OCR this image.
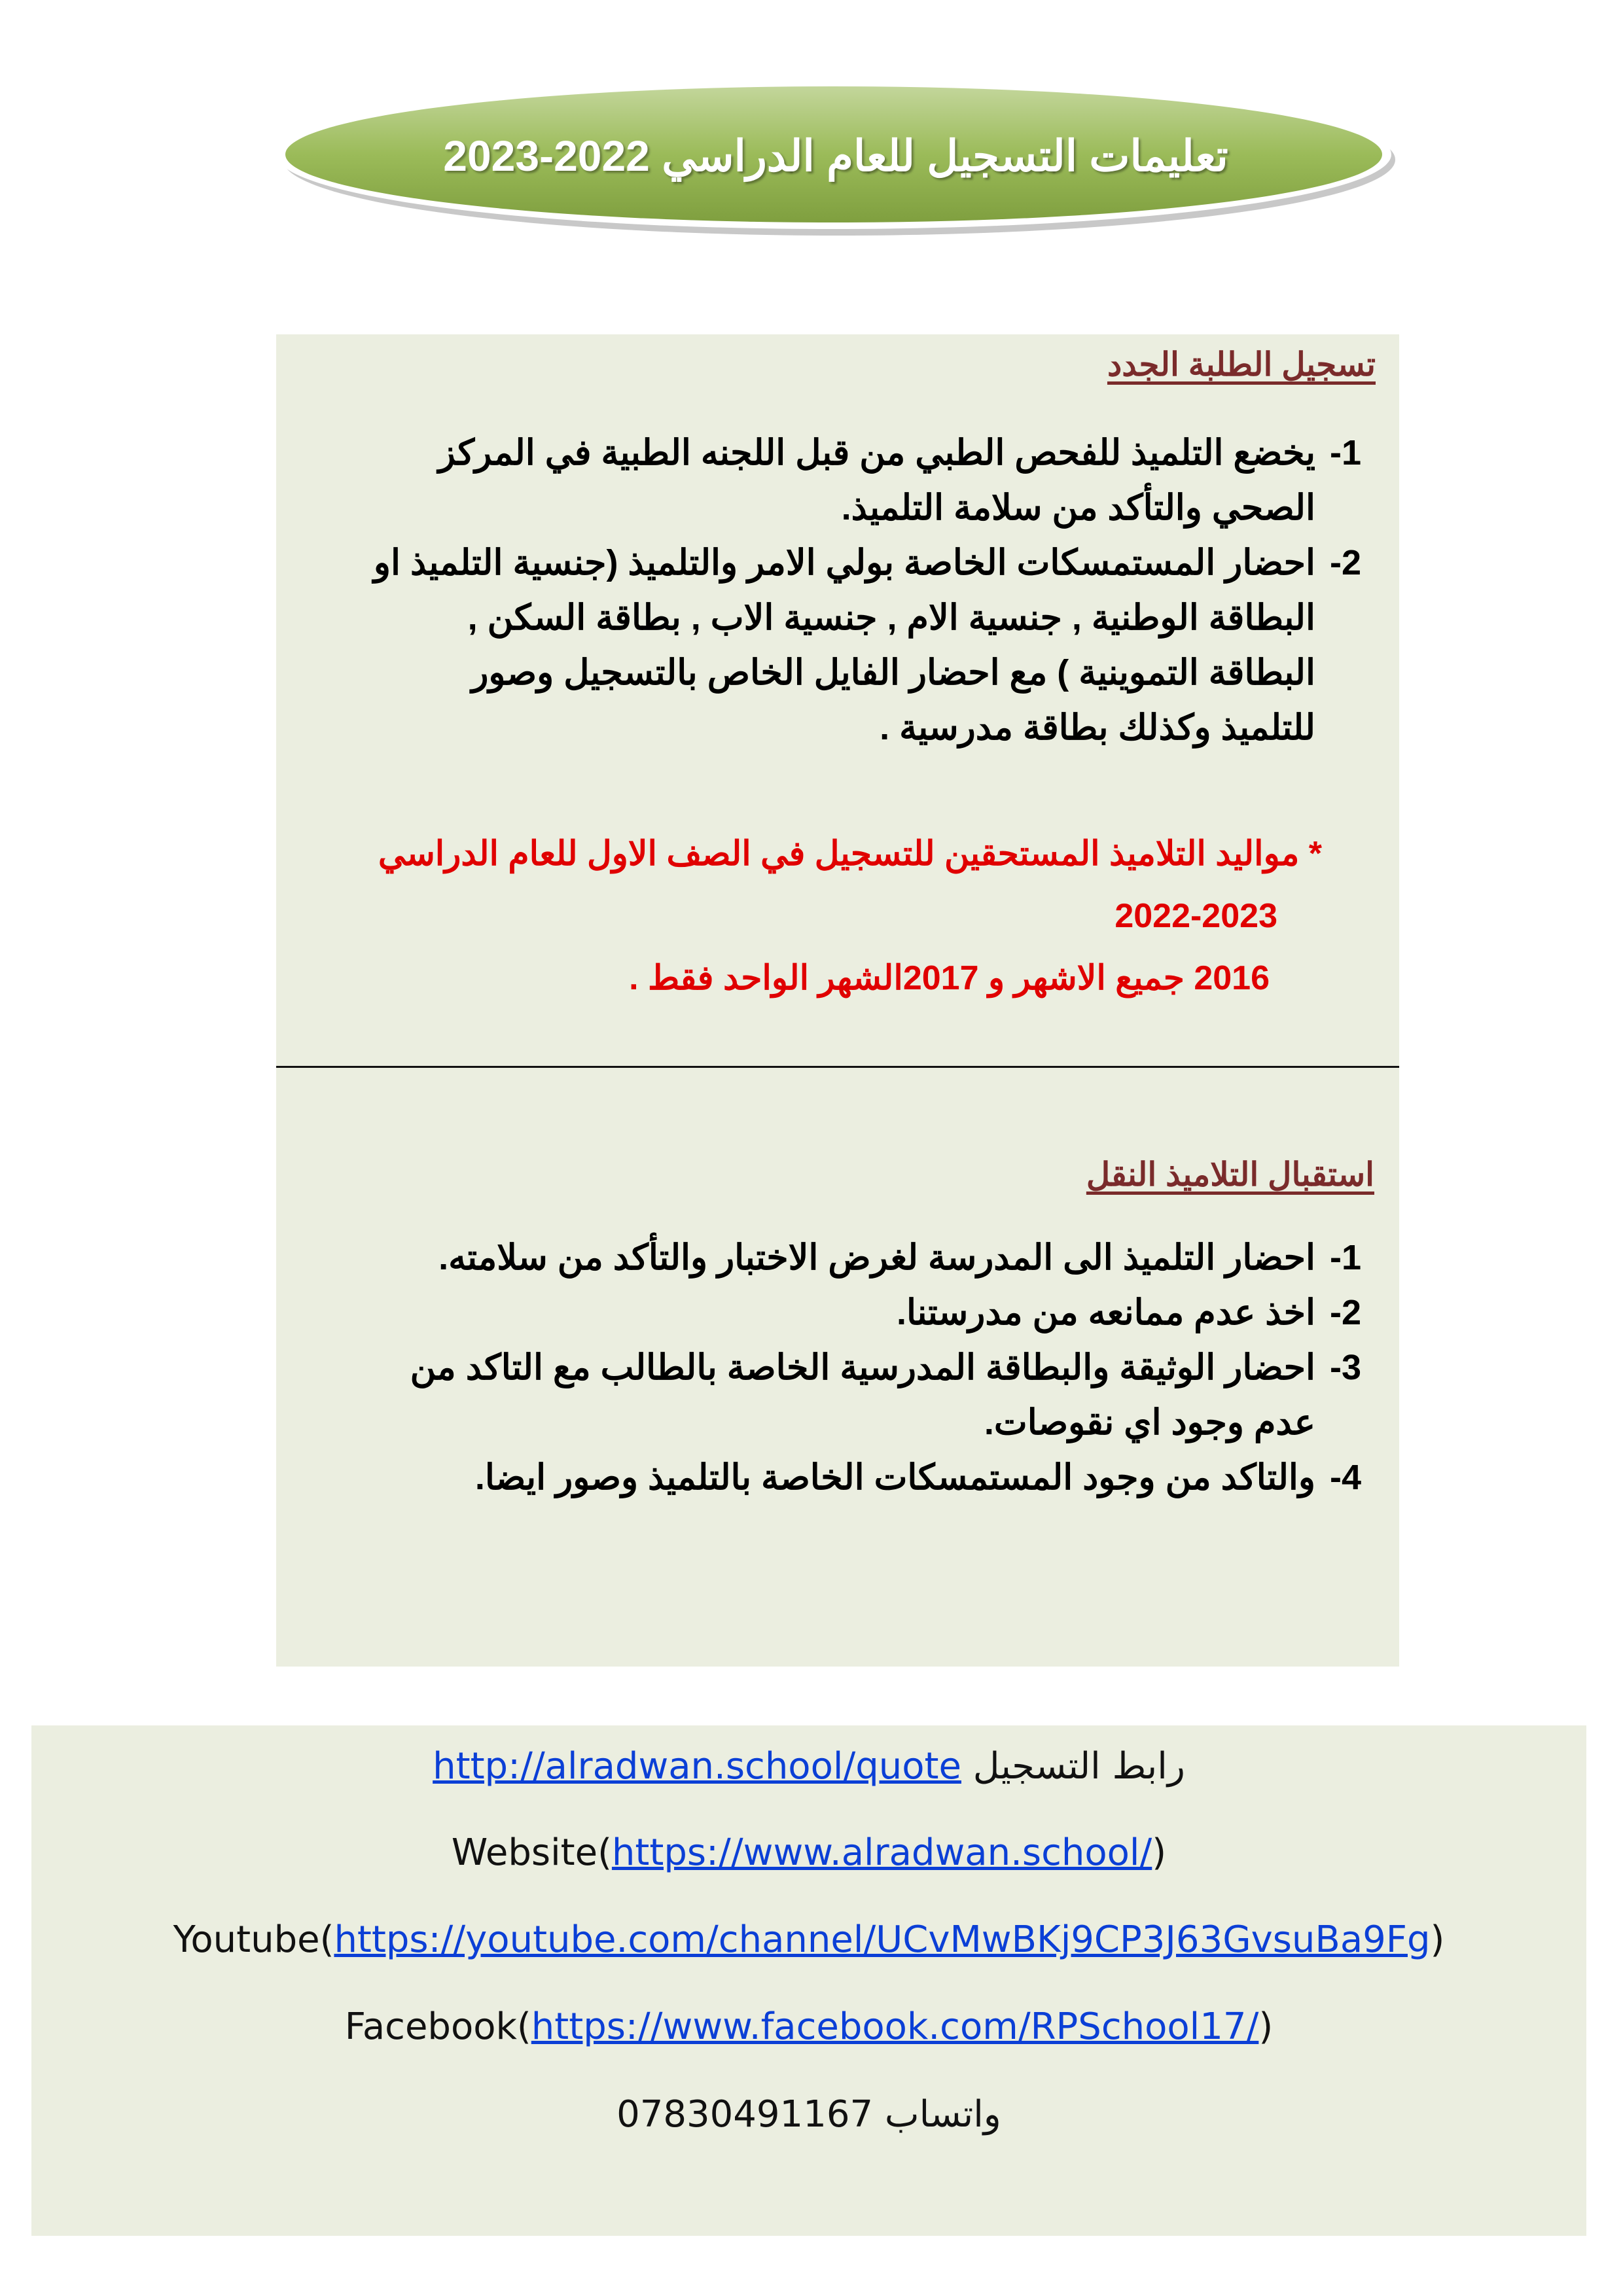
تعليمات التسجيل للعام الدراسي 2022-2023
تسجيل الطلبة الجدد
1-
يخضع التلميذ للفحص الطبي من قبل اللجنه الطبية في المركز الصحي والتأكد من سلامة التلميذ.
2-
احضار المستمسكات الخاصة بولي الامر والتلميذ (جنسية التلميذ او البطاقة الوطنية , جنسية الام , جنسية الاب , بطاقة السكن , البطاقة التموينية ) مع احضار الفايل الخاص بالتسجيل وصور للتلميذ وكذلك بطاقة مدرسية .
* مواليد التلاميذ المستحقين للتسجيل في الصف الاول للعام الدراسي
2022-2023
2016 جميع الاشهر و 2017الشهر الواحد فقط .
استقبال التلاميذ النقل
1-
احضار التلميذ الى المدرسة لغرض الاختبار والتأكد من سلامته.
2-
اخذ عدم ممانعه من مدرستنا.
3-
احضار الوثيقة والبطاقة المدرسية الخاصة بالطالب مع التاكد من عدم وجود اي نقوصات.
4-
والتاكد من وجود المستمسكات الخاصة بالتلميذ وصور ايضا.
http://alradwan.school/quote رابط التسجيل
Website(https://www.alradwan.school/)
Youtube(https://youtube.com/channel/UCvMwBKj9CP3J63GvsuBa9Fg)
Facebook(https://www.facebook.com/RPSchool17/)
07830491167 واتساب
